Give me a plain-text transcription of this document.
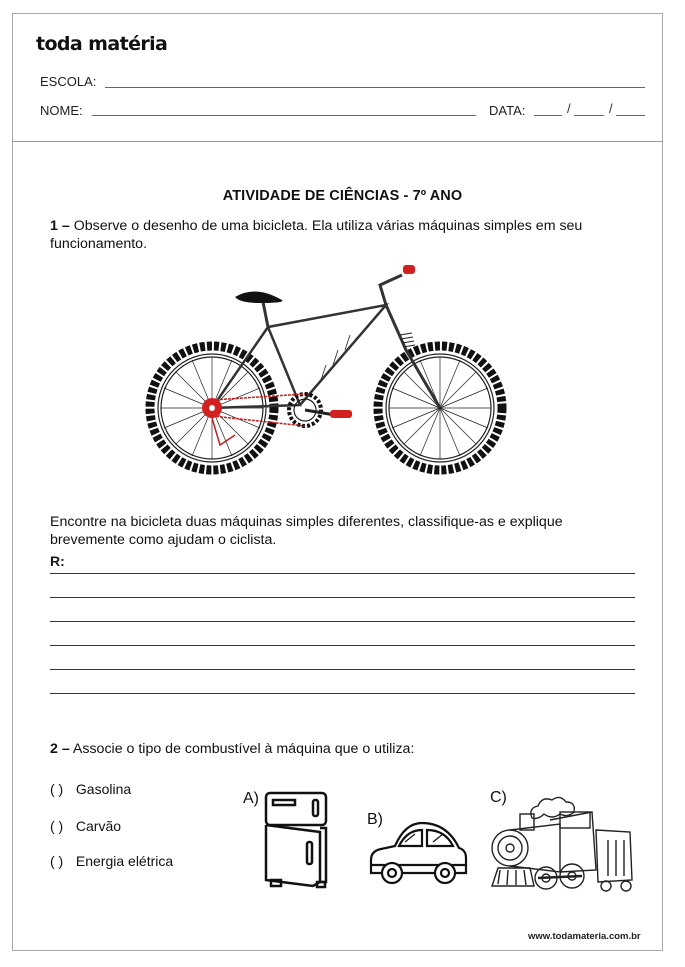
toda matéria
ESCOLA:
NOME:	DATA:	/	/
ATIVIDADE DE CIÊNCIAS - 7º ANO
1 – Observe o desenho de uma bicicleta. Ela utiliza várias máquinas simples em seu funcionamento.
Encontre na bicicleta duas máquinas simples diferentes, classifique-as e explique brevemente como ajudam o ciclista.
R:
2 – Associe o tipo de combustível à máquina que o utiliza:
( ) Gasolina
( ) Carvão
( ) Energia elétrica
A)
B)
C)
www.todamateria.com.br
